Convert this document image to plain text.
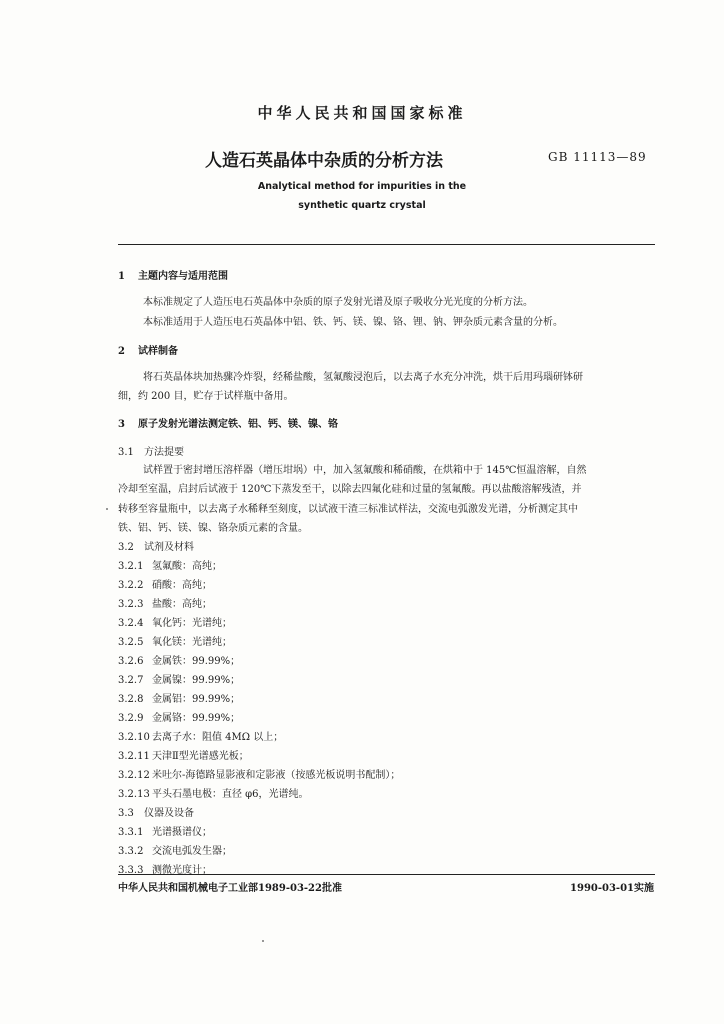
中华人民共和国国家标准
人造石英晶体中杂质的分析方法	GB 11113—89
Analytical method for impurities in the
synthetic quartz crystal
1 主题内容与适用范围
本标准规定了人造压电石英晶体中杂质的原子发射光谱及原子吸收分光光度的分析方法。
本标准适用于人造压电石英晶体中铝、铁、钙、镁、镍、铬、锂、钠、钾杂质元素含量的分析。
2 试样制备
将石英晶体块加热骤冷炸裂，经稀盐酸，氢氟酸浸泡后，以去离子水充分冲洗，烘干后用玛瑙研钵研
细，约 200 目，贮存于试样瓶中备用。
3 原子发射光谱法测定铁、铝、钙、镁、镍、铬
3.1 方法提要
试样置于密封增压溶样器（增压坩埚）中，加入氢氟酸和稀硝酸，在烘箱中于 145℃恒温溶解，自然
冷却至室温，启封后试液于 120℃下蒸发至干，以除去四氟化硅和过量的氢氟酸。再以盐酸溶解残渣，并
转移至容量瓶中，以去离子水稀释至刻度，以试液干渣三标准试样法，交流电弧激发光谱，分析测定其中
铁、铝、钙、镁、镍、铬杂质元素的含量。
3.2 试剂及材料
3.2.1 氢氟酸：高纯；
3.2.2 硝酸：高纯；
3.2.3 盐酸：高纯；
3.2.4 氧化钙：光谱纯；
3.2.5 氧化镁：光谱纯；
3.2.6 金属铁：99.99%；
3.2.7 金属镍：99.99%；
3.2.8 金属铝：99.99%；
3.2.9 金属铬：99.99%；
3.2.10 去离子水：阻值 4MΩ 以上；
3.2.11 天津Ⅱ型光谱感光板；
3.2.12 米吐尔-海德路显影液和定影液（按感光板说明书配制）；
3.2.13 平头石墨电极：直径 φ6，光谱纯。
3.3 仪器及设备
3.3.1 光谱摄谱仪；
3.3.2 交流电弧发生器；
3.3.3 测微光度计；
中华人民共和国机械电子工业部1989-03-22批准	1990-03-01实施
